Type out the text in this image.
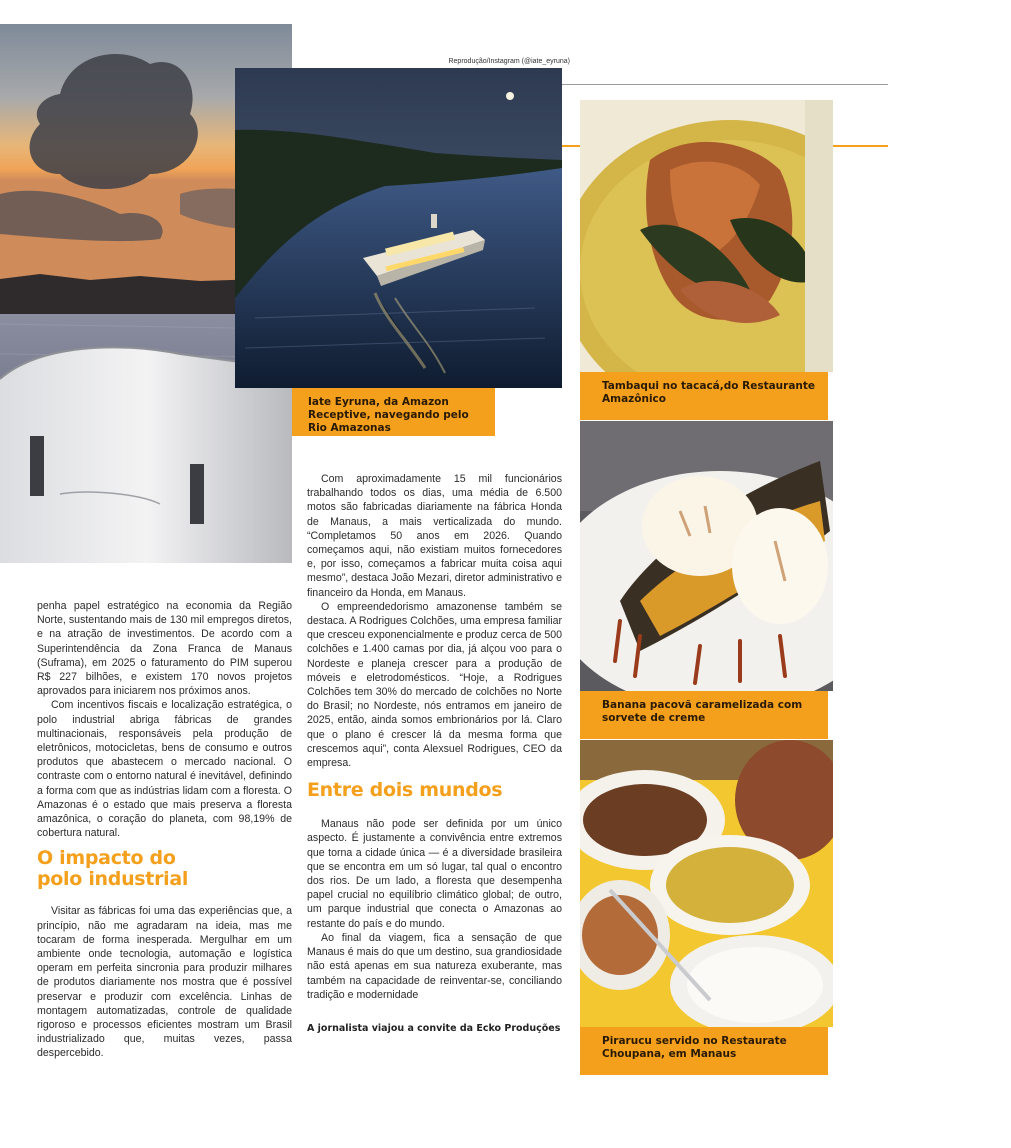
Reprodução/Instagram (@iate_eyruna)
Iate Eyruna, da Amazon Receptive, navegando pelo Rio Amazonas
Tambaqui no tacacá,do Restaurante Amazônico
Banana pacovã caramelizada com sorvete de creme
Pirarucu servido no Restaurate Choupana, em Manaus

penha papel estratégico na economia da Região Norte, sustentando mais de 130 mil empregos diretos, e na atração de investimentos. De acordo com a Superintendência da Zona Franca de Manaus (Suframa), em 2025 o faturamento do PIM superou R$ 227 bilhões, e existem 170 novos projetos aprovados para iniciarem nos próximos anos.

Com incentivos fiscais e localização estratégica, o polo industrial abriga fábricas de grandes multinacionais, responsáveis pela produção de eletrônicos, motocicletas, bens de consumo e outros produtos que abastecem o mercado nacional. O contraste com o entorno natural é inevitável, definindo a forma com que as indústrias lidam com a floresta. O Amazonas é o estado que mais preserva a floresta amazônica, o coração do planeta, com 98,19% de cobertura natural.

O impacto do
polo industrial

Visitar as fábricas foi uma das experiências que, a princípio, não me agradaram na ideia, mas me tocaram de forma inesperada. Mergulhar em um ambiente onde tecnologia, automação e logística operam em perfeita sincronia para produzir milhares de produtos diariamente nos mostra que é possível preservar e produzir com excelência. Linhas de montagem automatizadas, controle de qualidade rigoroso e processos eficientes mostram um Brasil industrializado que, muitas vezes, passa despercebido.

Com aproximadamente 15 mil funcionários trabalhando todos os dias, uma média de 6.500 motos são fabricadas diariamente na fábrica Honda de Manaus, a mais verticalizada do mundo. “Completamos 50 anos em 2026. Quando começamos aqui, não existiam muitos fornecedores e, por isso, começamos a fabricar muita coisa aqui mesmo”, destaca João Mezari, diretor administrativo e financeiro da Honda, em Manaus.

O empreendedorismo amazonense também se destaca. A Rodrigues Colchões, uma empresa familiar que cresceu exponencialmente e produz cerca de 500 colchões e 1.400 camas por dia, já alçou voo para o Nordeste e planeja crescer para a produção de móveis e eletrodomésticos. “Hoje, a Rodrigues Colchões tem 30% do mercado de colchões no Norte do Brasil; no Nordeste, nós entramos em janeiro de 2025, então, ainda somos embrionários por lá. Claro que o plano é crescer lá da mesma forma que crescemos aqui”, conta Alexsuel Rodrigues, CEO da empresa.

Entre dois mundos

Manaus não pode ser definida por um único aspecto. É justamente a convivência entre extremos que torna a cidade única — é a diversidade brasileira que se encontra em um só lugar, tal qual o encontro dos rios. De um lado, a floresta que desempenha papel crucial no equilíbrio climático global; de outro, um parque industrial que conecta o Amazonas ao restante do país e do mundo.

Ao final da viagem, fica a sensação de que Manaus é mais do que um destino, sua grandiosidade não está apenas em sua natureza exuberante, mas também na capacidade de reinventar-se, conciliando tradição e modernidade

A jornalista viajou a convite da Ecko Produções
